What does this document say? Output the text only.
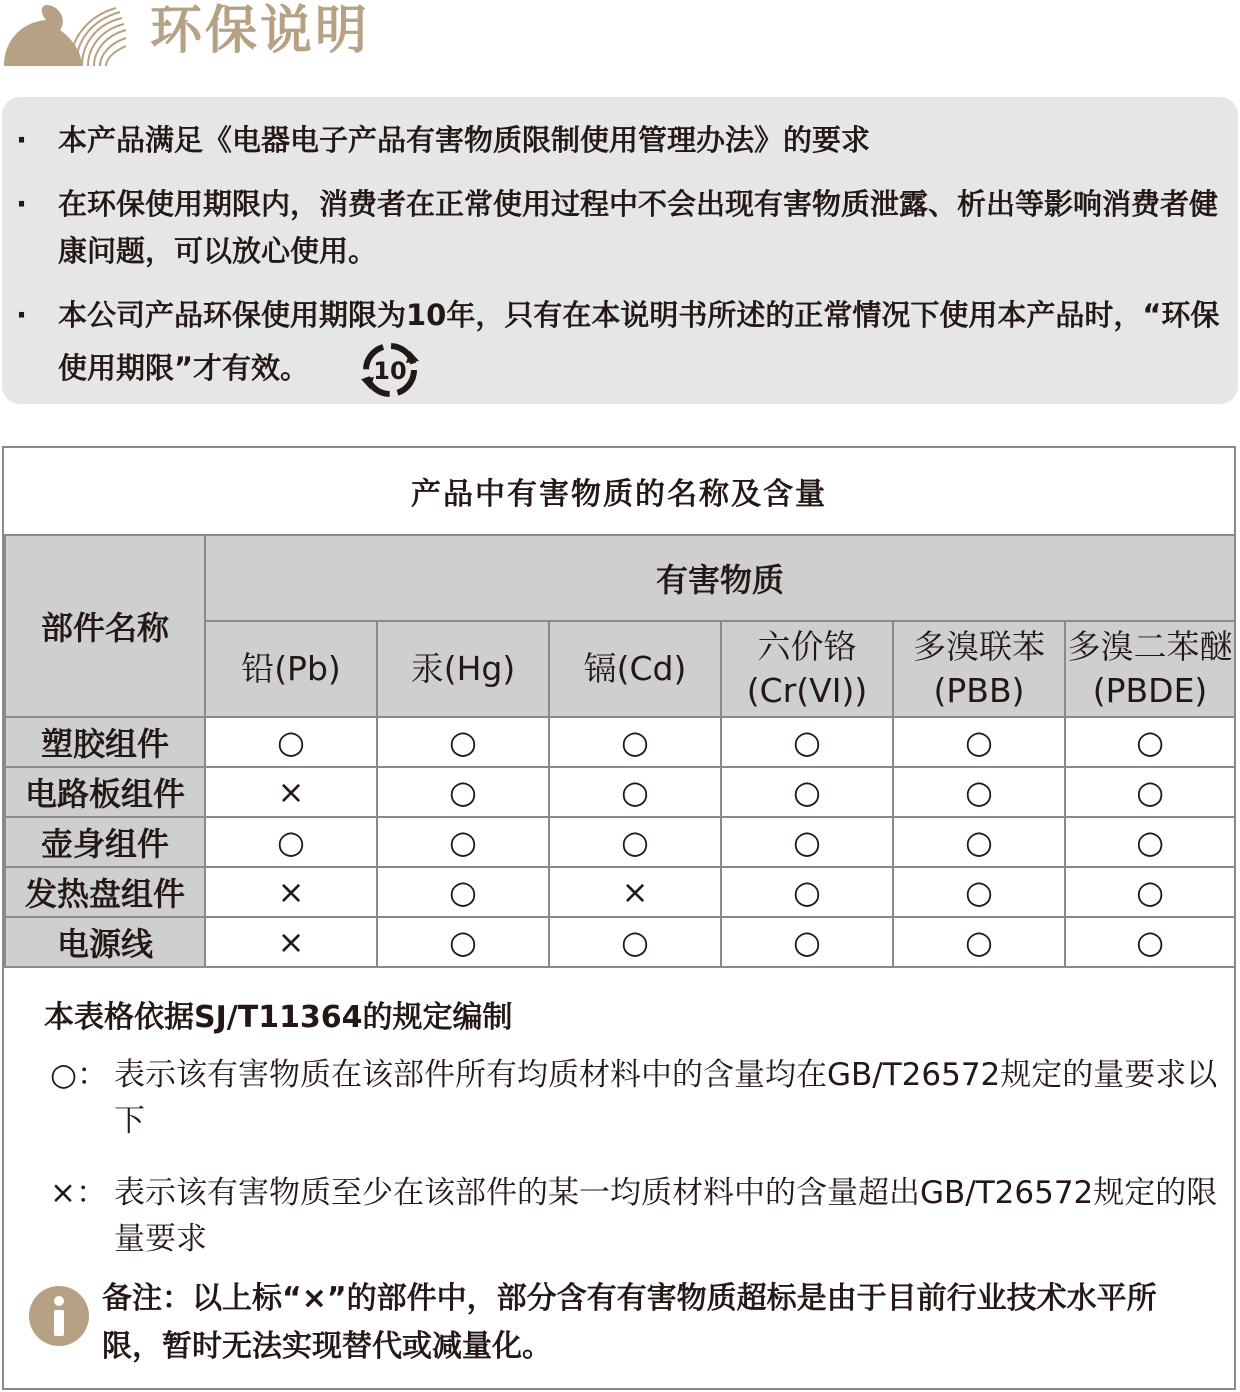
环保说明
·	本产品满足《电器电子产品有害物质限制使用管理办法》的要求
·	在环保使用期限内，消费者在正常使用过程中不会出现有害物质泄露、析出等影响消费者健康问题，可以放心使用。
·	本公司产品环保使用期限为10年，只有在本说明书所述的正常情况下使用本产品时，“环保使用期限”才有效。	10
产品中有害物质的名称及含量
部件名称	有害物质					
	铅(Pb)	汞(Hg)	镉(Cd)	六价铬(Cr(VI))	多溴联苯(PBB)	多溴二苯醚(PBDE)
塑胶组件	○	○	○	○	○	○
电路板组件	×	○	○	○	○	○
壶身组件	○	○	○	○	○	○
发热盘组件	×	○	×	○	○	○
电源线	×	○	○	○	○	○
本表格依据SJ/T11364的规定编制
○： 表示该有害物质在该部件所有均质材料中的含量均在GB/T26572规定的量要求以下
×： 表示该有害物质至少在该部件的某一均质材料中的含量超出GB/T26572规定的限量要求
备注：以上标“×”的部件中，部分含有有害物质超标是由于目前行业技术水平所限，暂时无法实现替代或减量化。
